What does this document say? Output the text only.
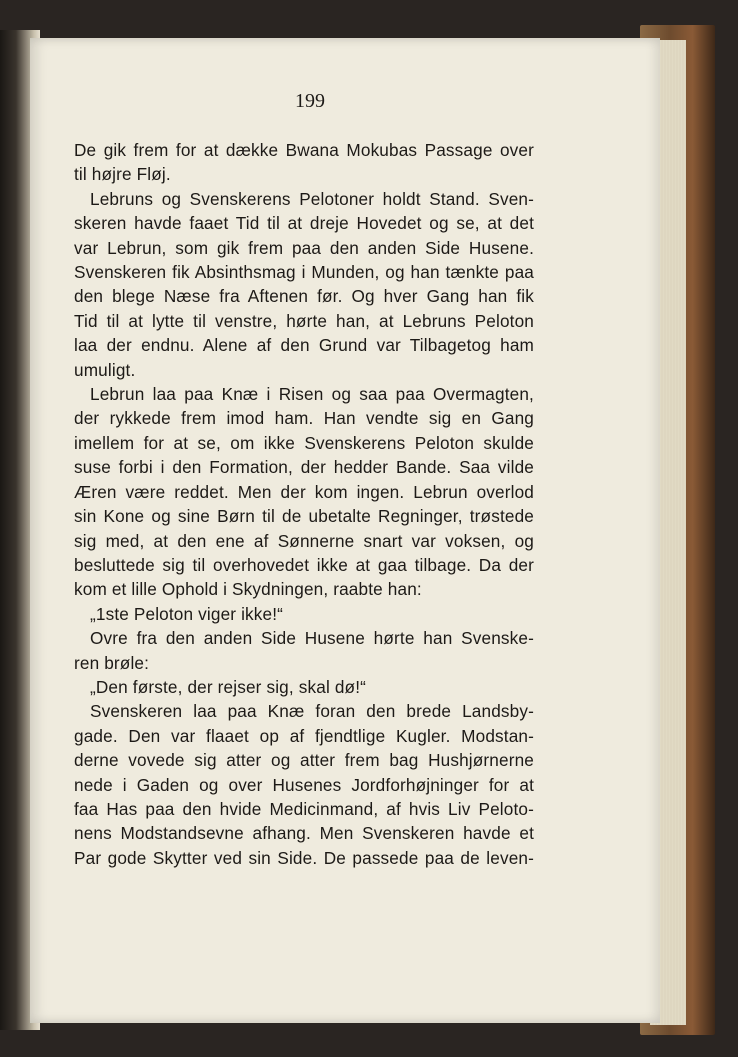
199
De gik frem for at dække Bwana Mokubas Passage over
til højre Fløj.
Lebruns og Svenskerens Pelotoner holdt Stand. Sven-
skeren havde faaet Tid til at dreje Hovedet og se, at det
var Lebrun, som gik frem paa den anden Side Husene.
Svenskeren fik Absinthsmag i Munden, og han tænkte paa
den blege Næse fra Aftenen før. Og hver Gang han fik
Tid til at lytte til venstre, hørte han, at Lebruns Peloton
laa der endnu. Alene af den Grund var Tilbagetog ham
umuligt.
Lebrun laa paa Knæ i Risen og saa paa Overmagten,
der rykkede frem imod ham. Han vendte sig en Gang
imellem for at se, om ikke Svenskerens Peloton skulde
suse forbi i den Formation, der hedder Bande. Saa vilde
Æren være reddet. Men der kom ingen. Lebrun overlod
sin Kone og sine Børn til de ubetalte Regninger, trøstede
sig med, at den ene af Sønnerne snart var voksen, og
besluttede sig til overhovedet ikke at gaa tilbage. Da der
kom et lille Ophold i Skydningen, raabte han:
„1ste Peloton viger ikke!“
Ovre fra den anden Side Husene hørte han Svenske-
ren brøle:
„Den første, der rejser sig, skal dø!“
Svenskeren laa paa Knæ foran den brede Landsby-
gade. Den var flaaet op af fjendtlige Kugler. Modstan-
derne vovede sig atter og atter frem bag Hushjørnerne
nede i Gaden og over Husenes Jordforhøjninger for at
faa Has paa den hvide Medicinmand, af hvis Liv Peloto-
nens Modstandsevne afhang. Men Svenskeren havde et
Par gode Skytter ved sin Side. De passede paa de leven-
